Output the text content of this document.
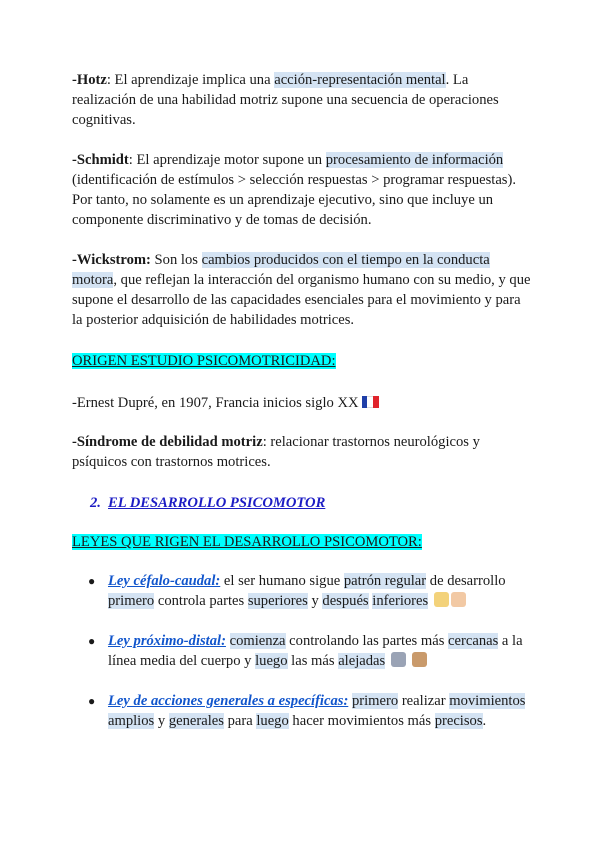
-Hotz: El aprendizaje implica una acción-representación mental. La realización de una habilidad motriz supone una secuencia de operaciones cognitivas.

-Schmidt: El aprendizaje motor supone un procesamiento de información (identificación de estímulos > selección respuestas > programar respuestas). Por tanto, no solamente es un aprendizaje ejecutivo, sino que incluye un componente discriminativo y de tomas de decisión.

-Wickstrom: Son los cambios producidos con el tiempo en la conducta motora, que reflejan la interacción del organismo humano con su medio, y que supone el desarrollo de las capacidades esenciales para el movimiento y para la posterior adquisición de habilidades motrices.

ORIGEN ESTUDIO PSICOMOTRICIDAD:

-Ernest Dupré, en 1907, Francia inicios siglo XX

-Síndrome de debilidad motriz: relacionar trastornos neurológicos y psíquicos con trastornos motrices.

2. EL DESARROLLO PSICOMOTOR

LEYES QUE RIGEN EL DESARROLLO PSICOMOTOR:

● Ley céfalo-caudal: el ser humano sigue patrón regular de desarrollo primero controla partes superiores y después inferiores
● Ley próximo-distal: comienza controlando las partes más cercanas a la línea media del cuerpo y luego las más alejadas
● Ley de acciones generales a específicas: primero realizar movimientos amplios y generales para luego hacer movimientos más precisos.
